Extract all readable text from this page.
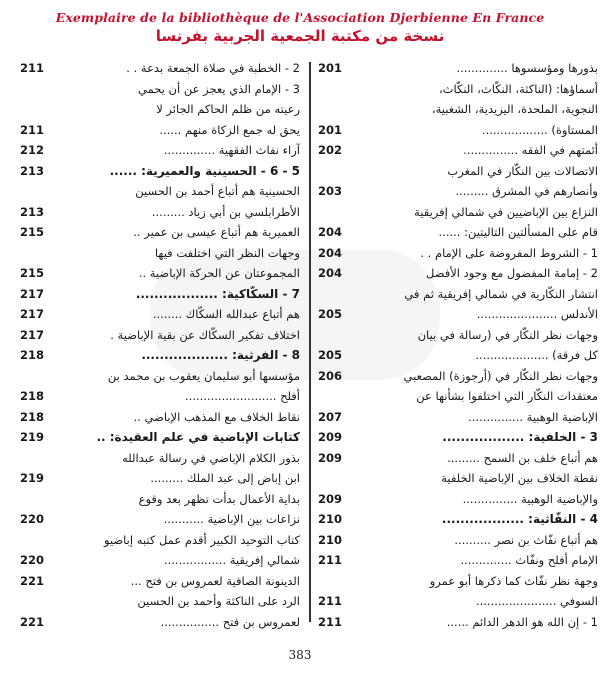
Exemplaire de la bibliothèque de l'Association Djerbienne En France
نسخة من مكتبة الجمعية الجربية بفرنسا
بذورها ومؤسسوها ..............
201
أسماؤها: (الناكثة، النكّاث، النكّاث،
النجوية، الملحدة، اليزيدية، الشغبية،
المستاوة) ..................
201
أئمتهم في الفقه ...............
202
الاتصالات بين النكّار في المغرب
وأنصارهم في المشرق .........
203
النزاع بين الإباضيين في شمالي إفريقية
قام على المسألتين التاليتين: ......
204
1 - الشروط المفروضة على الإمام . .
204
2 - إمامة المفضول مع وجود الأفضل
204
انتشار النكّارية في شمالي إفريقية ثم في
الأندلس ......................
205
وجهات نظر النكّار في (رسالة في بيان
كل فرقة) ....................
205
وجهات نظر النكّار في (أرجوزة) المصعبي
206
معتقدات النكّار التي اختلفوا بشأنها عن
الإباضية الوهبية ...............
207
3 - الخلفية: ..................
209
هم أتباع خلف بن السمح .........
209
نقطة الخلاف بين الإباضية الخلفية
والإباضية الوهبية ...............
209
4 - النفّاثية: ..................
210
هم أتباع نفّاث بن نصر ..........
210
الإمام أفلح ونفّاث ..............
211
وجهة نظر نفّاث كما ذكرها أبو عمرو
السوفي ......................
211
1 - إن الله هو الدهر الدائم ......
211
2 - الخطبة في صلاة الجمعة بدعة . .
211
3 - الإمام الذي يعجز عن أن يحمي
رعيته من ظلم الحاكم الجائر لا
يحق له جمع الزكاة منهم ......
211
آراء نفاث الفقهية ..............
212
5 - 6 - الحسينية والعميرية: ......
213
الحسينية هم أتباع أحمد بن الحسين
الأطرابلسي بن أبي زياد .........
213
العميرية هم أتباع عيسى بن عمير ..
215
وجهات النظر التي اختلفت فيها
المجموعتان عن الحركة الإباضية ..
215
7 - السكّاكية: ..................
217
هم أتباع عبدالله السكّاك ........
217
اختلاف تفكير السكّاك عن بقية الإباضية .
217
8 - الفرثية: ...................
218
مؤسسها أبو سليمان يعقوب بن محمد بن
أفلح .........................
218
نقاط الخلاف مع المذهب الإباضي ..
218
كتابات الإباضية في علم العقيدة: ..
219
بذور الكلام الإباضي في رسالة عبدالله
ابن إباض إلى عبد الملك .........
219
بداية الأعمال بدأت تظهر بعد وقوع
نزاعات بين الإباضية ...........
220
كتاب التوحيد الكبير أقدم عمل كتبه إباضيو
شمالي إفريقية .................
220
الدينونة الصافية لعمروس بن فتح ...
221
الرد على الناكثة وأحمد بن الحسين
لعمروس بن فتح ................
221
383
